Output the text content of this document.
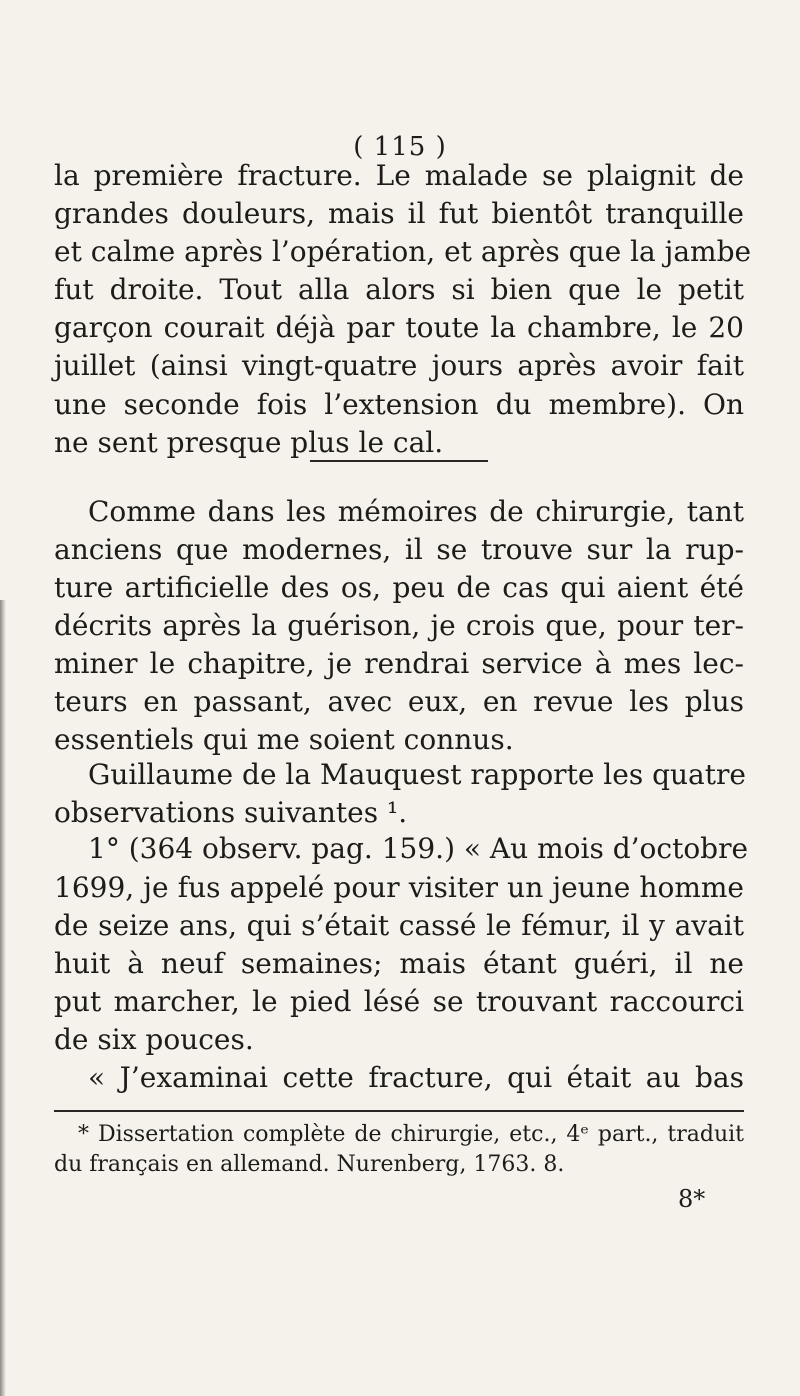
( 115 )
la première fracture. Le malade se plaignit de
grandes douleurs, mais il fut bientôt tranquille
et calme après l’opération, et après que la jambe
fut droite. Tout alla alors si bien que le petit
garçon courait déjà par toute la chambre, le 20
juillet (ainsi vingt-quatre jours après avoir fait
une seconde fois l’extension du membre). On
ne sent presque plus le cal.
Comme dans les mémoires de chirurgie, tant
anciens que modernes, il se trouve sur la rup-
ture artificielle des os, peu de cas qui aient été
décrits après la guérison, je crois que, pour ter-
miner le chapitre, je rendrai service à mes lec-
teurs en passant, avec eux, en revue les plus
essentiels qui me soient connus.
Guillaume de la Mauquest rapporte les quatre
observations suivantes ¹.
1° (364 observ. pag. 159.) « Au mois d’octobre
1699, je fus appelé pour visiter un jeune homme
de seize ans, qui s’était cassé le fémur, il y avait
huit à neuf semaines; mais étant guéri, il ne
put marcher, le pied lésé se trouvant raccourci
de six pouces.
« J’examinai cette fracture, qui était au bas
* Dissertation complète de chirurgie, etc., 4ᵉ part., traduit
du français en allemand. Nurenberg, 1763. 8.
8*
